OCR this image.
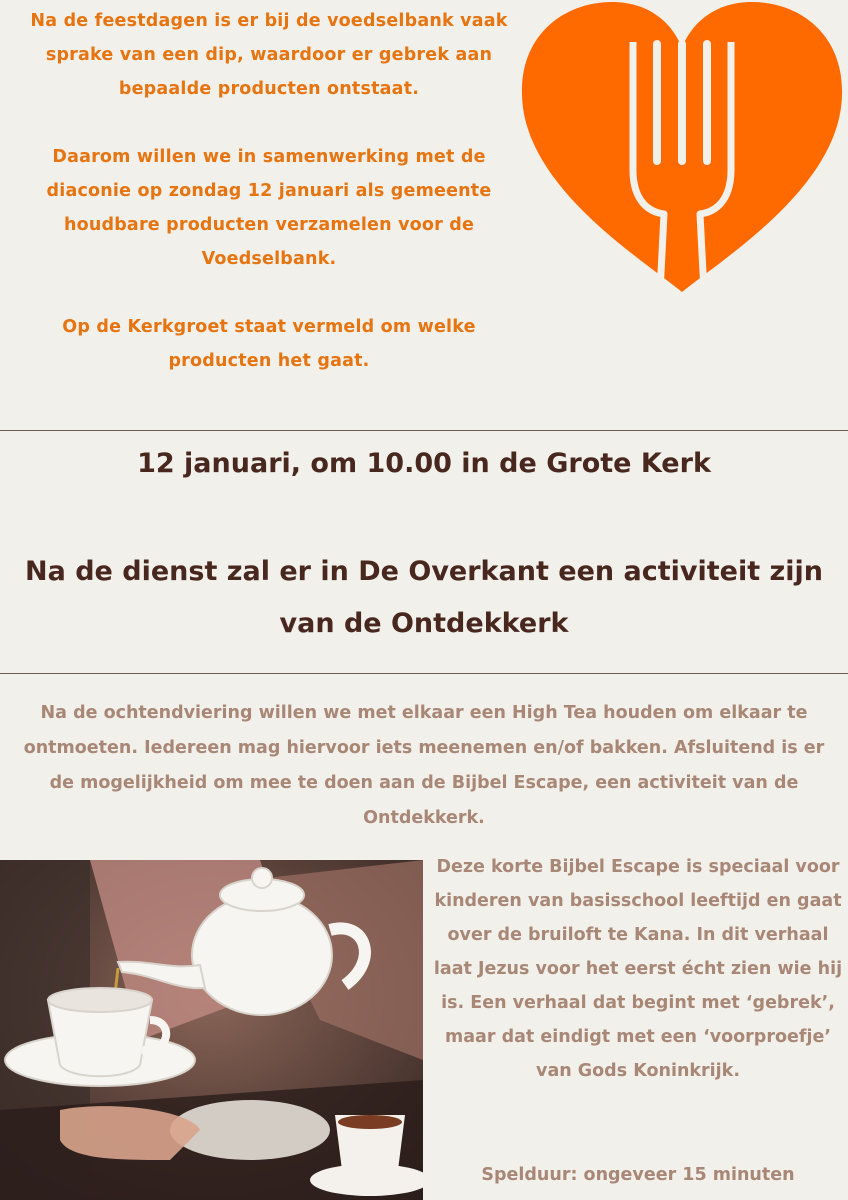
Na de feestdagen is er bij de voedselbank vaak sprake van een dip, waardoor er gebrek aan bepaalde producten ontstaat.

Daarom willen we in samenwerking met de diaconie op zondag 12 januari als gemeente houdbare producten verzamelen voor de Voedselbank.

Op de Kerkgroet staat vermeld om welke producten het gaat.

12 januari, om 10.00 in de Grote Kerk

Na de dienst zal er in De Overkant een activiteit zijn van de Ontdekkerk

Na de ochtendviering willen we met elkaar een High Tea houden om elkaar te ontmoeten. Iedereen mag hiervoor iets meenemen en/of bakken. Afsluitend is er de mogelijkheid om mee te doen aan de Bijbel Escape, een activiteit van de Ontdekkerk.

Deze korte Bijbel Escape is speciaal voor kinderen van basisschool leeftijd en gaat over de bruiloft te Kana. In dit verhaal laat Jezus voor het eerst écht zien wie hij is. Een verhaal dat begint met ‘gebrek’, maar dat eindigt met een ‘voorproefje’ van Gods Koninkrijk.

Spelduur: ongeveer 15 minuten
